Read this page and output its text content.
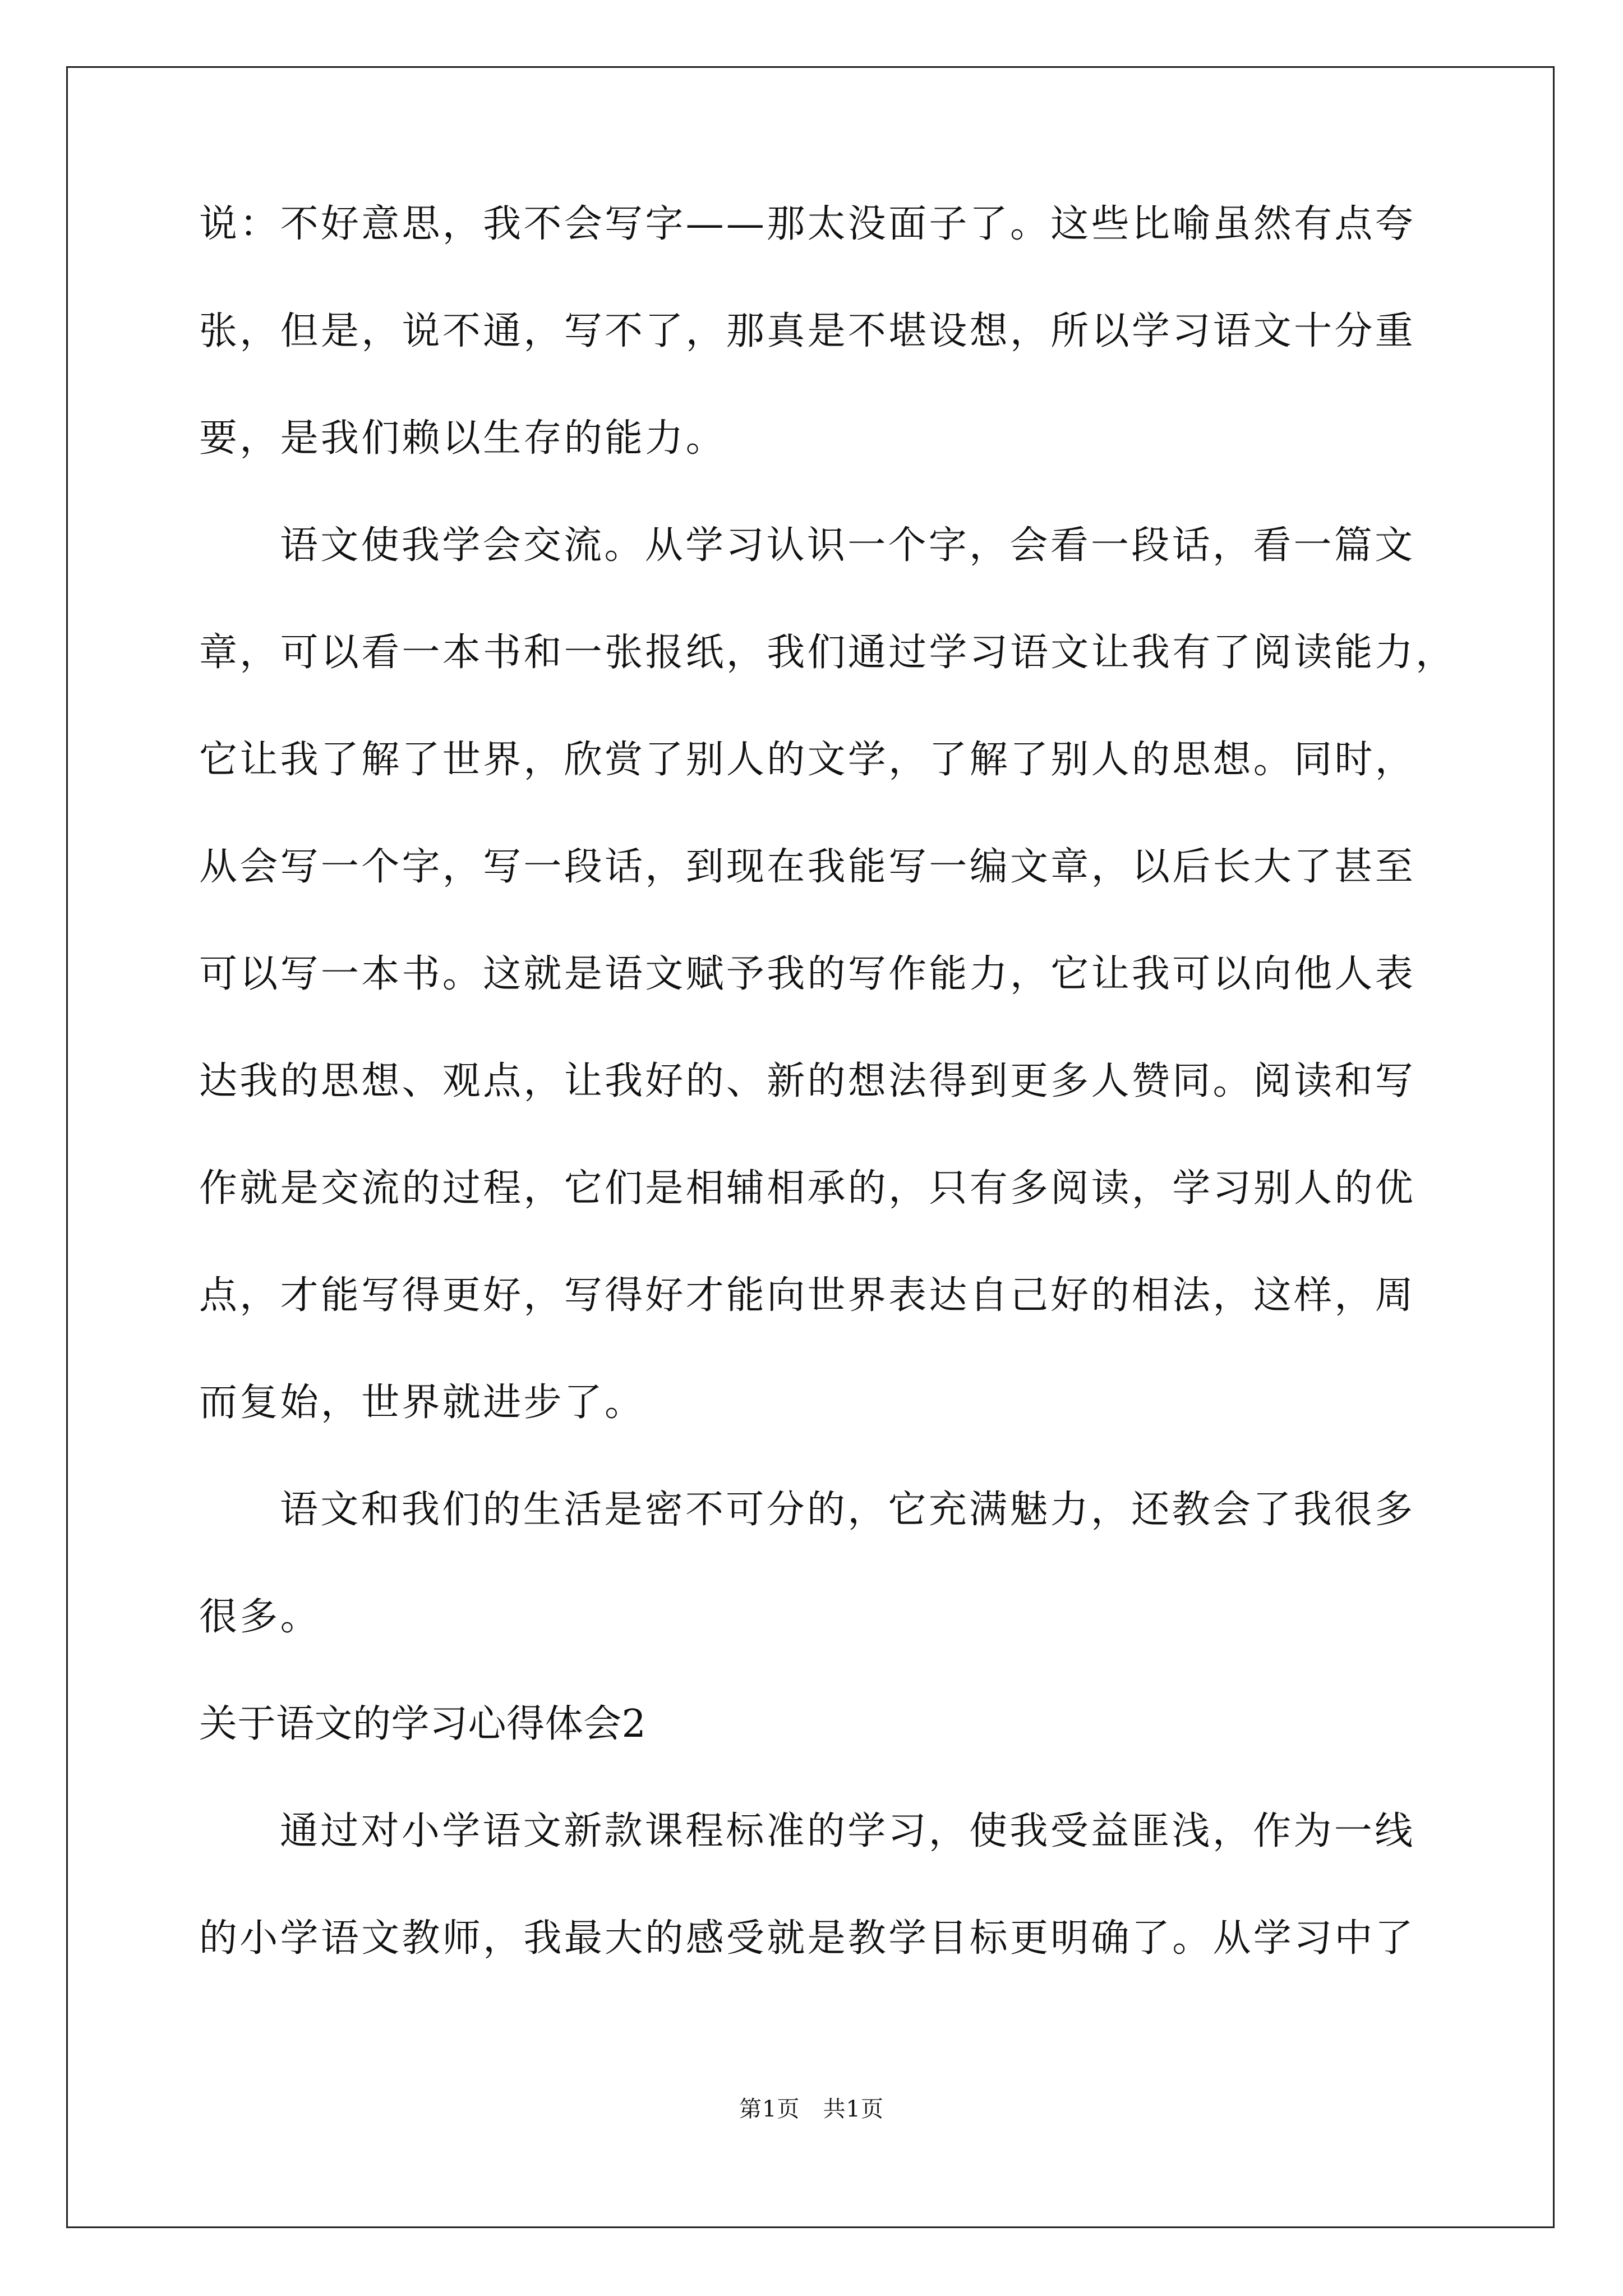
说：不好意思，我不会写字——那太没面子了。这些比喻虽然有点夸
张，但是，说不通，写不了，那真是不堪设想，所以学习语文十分重
要，是我们赖以生存的能力。
语文使我学会交流。从学习认识一个字，会看一段话，看一篇文
章，可以看一本书和一张报纸，我们通过学习语文让我有了阅读能力，
它让我了解了世界，欣赏了别人的文学，了解了别人的思想。同时，
从会写一个字，写一段话，到现在我能写一编文章，以后长大了甚至
可以写一本书。这就是语文赋予我的写作能力，它让我可以向他人表
达我的思想、观点，让我好的、新的想法得到更多人赞同。阅读和写
作就是交流的过程，它们是相辅相承的，只有多阅读，学习别人的优
点，才能写得更好，写得好才能向世界表达自己好的相法，这样，周
而复始，世界就进步了。
语文和我们的生活是密不可分的，它充满魅力，还教会了我很多
很多。
关于语文的学习心得体会2
通过对小学语文新款课程标准的学习，使我受益匪浅，作为一线
的小学语文教师，我最大的感受就是教学目标更明确了。从学习中了
第1页   共1页
